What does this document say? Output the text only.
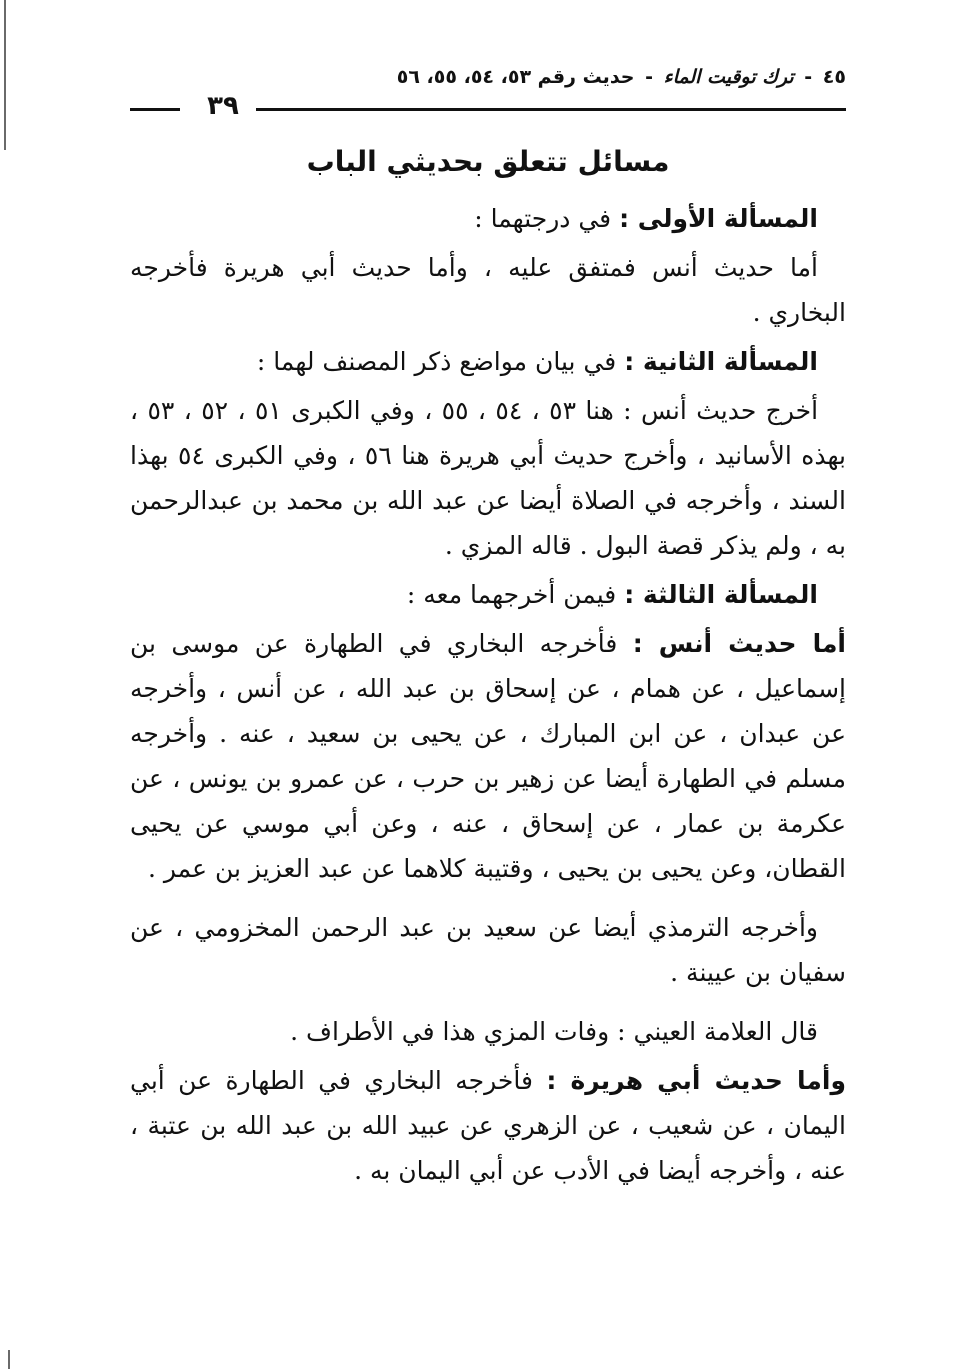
٤٥ - ترك توقيت الماء - حديث رقم ٥٣، ٥٤، ٥٥، ٥٦
٣٩
مسائل تتعلق بحديثي الباب

المسألة الأولى : في درجتهما :

أما حديث أنس فمتفق عليه ، وأما حديث أبي هريرة فأخرجه البخاري .

المسألة الثانية : في بيان مواضع ذكر المصنف لهما :

أخرج حديث أنس : هنا ٥٣ ، ٥٤ ، ٥٥ ، وفي الكبرى ٥١ ، ٥٢ ، ٥٣ ، بهذه الأسانيد ، وأخرج حديث أبي هريرة هنا ٥٦ ، وفي الكبرى ٥٤ بهذا السند ، وأخرجه في الصلاة أيضا عن عبد الله بن محمد بن عبدالرحمن به ، ولم يذكر قصة البول . قاله المزي .

المسألة الثالثة : فيمن أخرجهما معه :

أما حديث أنس : فأخرجه البخاري في الطهارة عن موسى بن إسماعيل ، عن همام ، عن إسحاق بن عبد الله ، عن أنس ، وأخرجه عن عبدان ، عن ابن المبارك ، عن يحيى بن سعيد ، عنه . وأخرجه مسلم في الطهارة أيضا عن زهير بن حرب ، عن عمرو بن يونس ، عن عكرمة بن عمار ، عن إسحاق ، عنه ، وعن أبي موسي عن يحيى القطان، وعن يحيى بن يحيى ، وقتيبة كلاهما عن عبد العزيز بن عمر .

وأخرجه الترمذي أيضا عن سعيد بن عبد الرحمن المخزومي ، عن سفيان بن عيينة .

قال العلامة العيني : وفات المزي هذا في الأطراف .

وأما حديث أبي هريرة : فأخرجه البخاري في الطهارة عن أبي اليمان ، عن شعيب ، عن الزهري عن عبيد الله بن عبد الله بن عتبة ، عنه ، وأخرجه أيضا في الأدب عن أبي اليمان به .
